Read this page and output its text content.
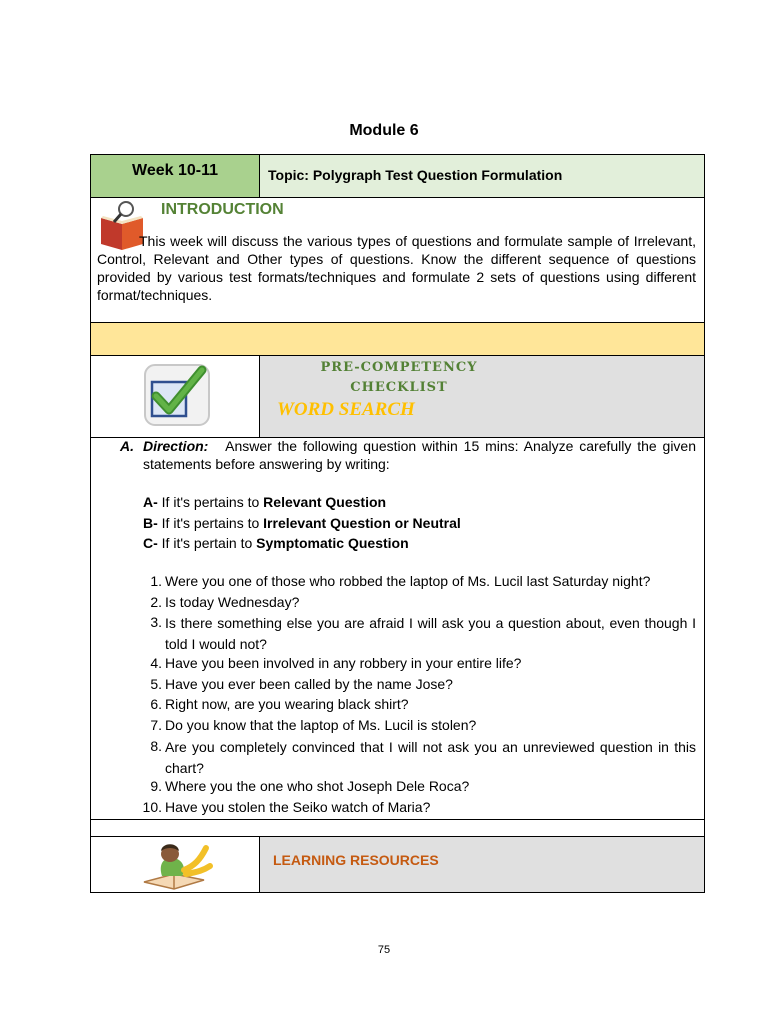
Module 6
Week 10-11	Topic: Polygraph Test Question Formulation
INTRODUCTION
This week will discuss the various types of questions and formulate sample of Irrelevant, Control, Relevant and Other types of questions. Know the different sequence of questions provided by various test formats/techniques and formulate 2 sets of questions using different format/techniques.
PRE-COMPETENCY
CHECKLIST
WORD SEARCH
A. Direction: Answer the following question within 15 mins: Analyze carefully the given statements before answering by writing:
A- If it's pertains to Relevant Question
B- If it's pertains to Irrelevant Question or Neutral
C- If it's pertain to Symptomatic Question
1. Were you one of those who robbed the laptop of Ms. Lucil last Saturday night?
2. Is today Wednesday?
3. Is there something else you are afraid I will ask you a question about, even though I told I would not?
4. Have you been involved in any robbery in your entire life?
5. Have you ever been called by the name Jose?
6. Right now, are you wearing black shirt?
7. Do you know that the laptop of Ms. Lucil is stolen?
8. Are you completely convinced that I will not ask you an unreviewed question in this chart?
9. Where you the one who shot Joseph Dele Roca?
10. Have you stolen the Seiko watch of Maria?
LEARNING RESOURCES
75
